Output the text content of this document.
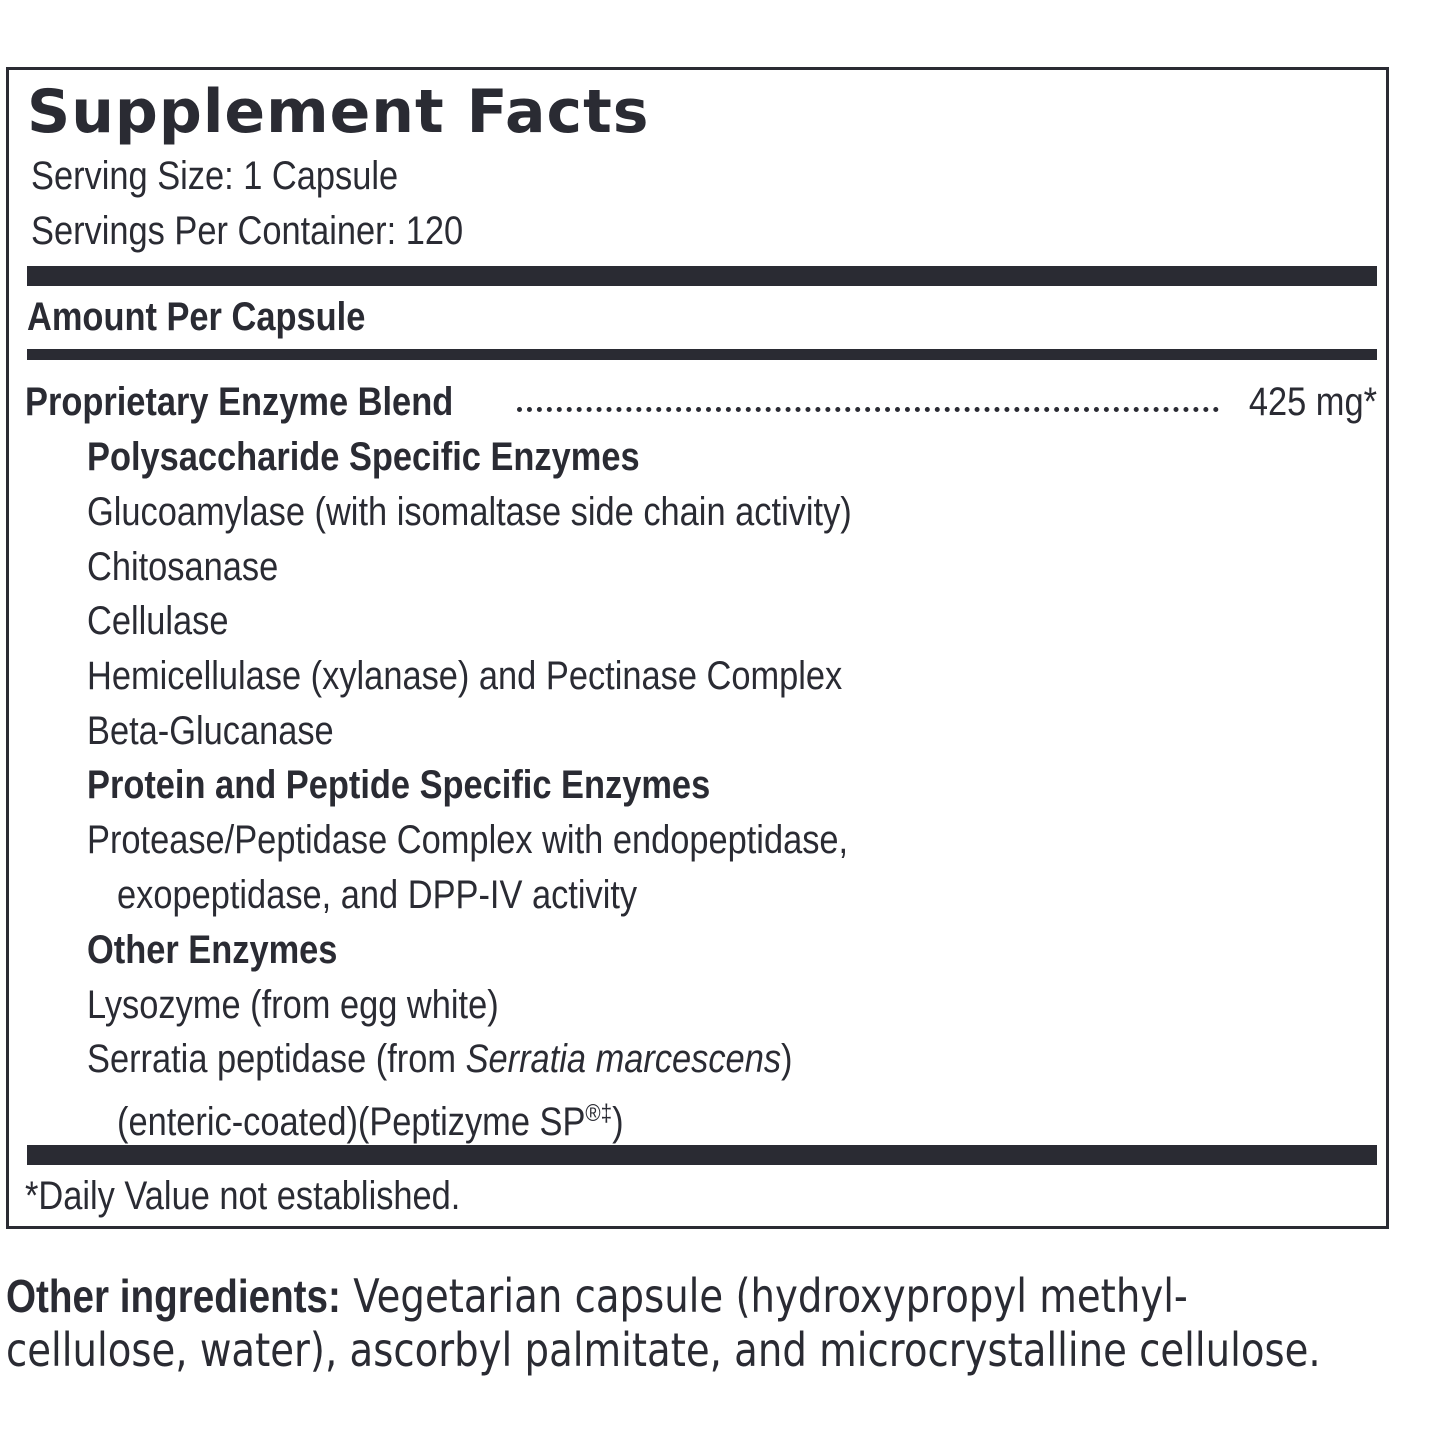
Supplement Facts
Serving Size: 1 Capsule
Servings Per Container: 120
Amount Per Capsule
Proprietary Enzyme Blend	425 mg*
Polysaccharide Specific Enzymes
Glucoamylase (with isomaltase side chain activity)
Chitosanase
Cellulase
Hemicellulase (xylanase) and Pectinase Complex
Beta-Glucanase
Protein and Peptide Specific Enzymes
Protease/Peptidase Complex with endopeptidase,
exopeptidase, and DPP-IV activity
Other Enzymes
Lysozyme (from egg white)
Serratia peptidase (from Serratia marcescens)
(enteric-coated)(Peptizyme SP®‡)
*Daily Value not established.
Other ingredients: Vegetarian capsule (hydroxypropyl methyl-
cellulose, water), ascorbyl palmitate, and microcrystalline cellulose.
